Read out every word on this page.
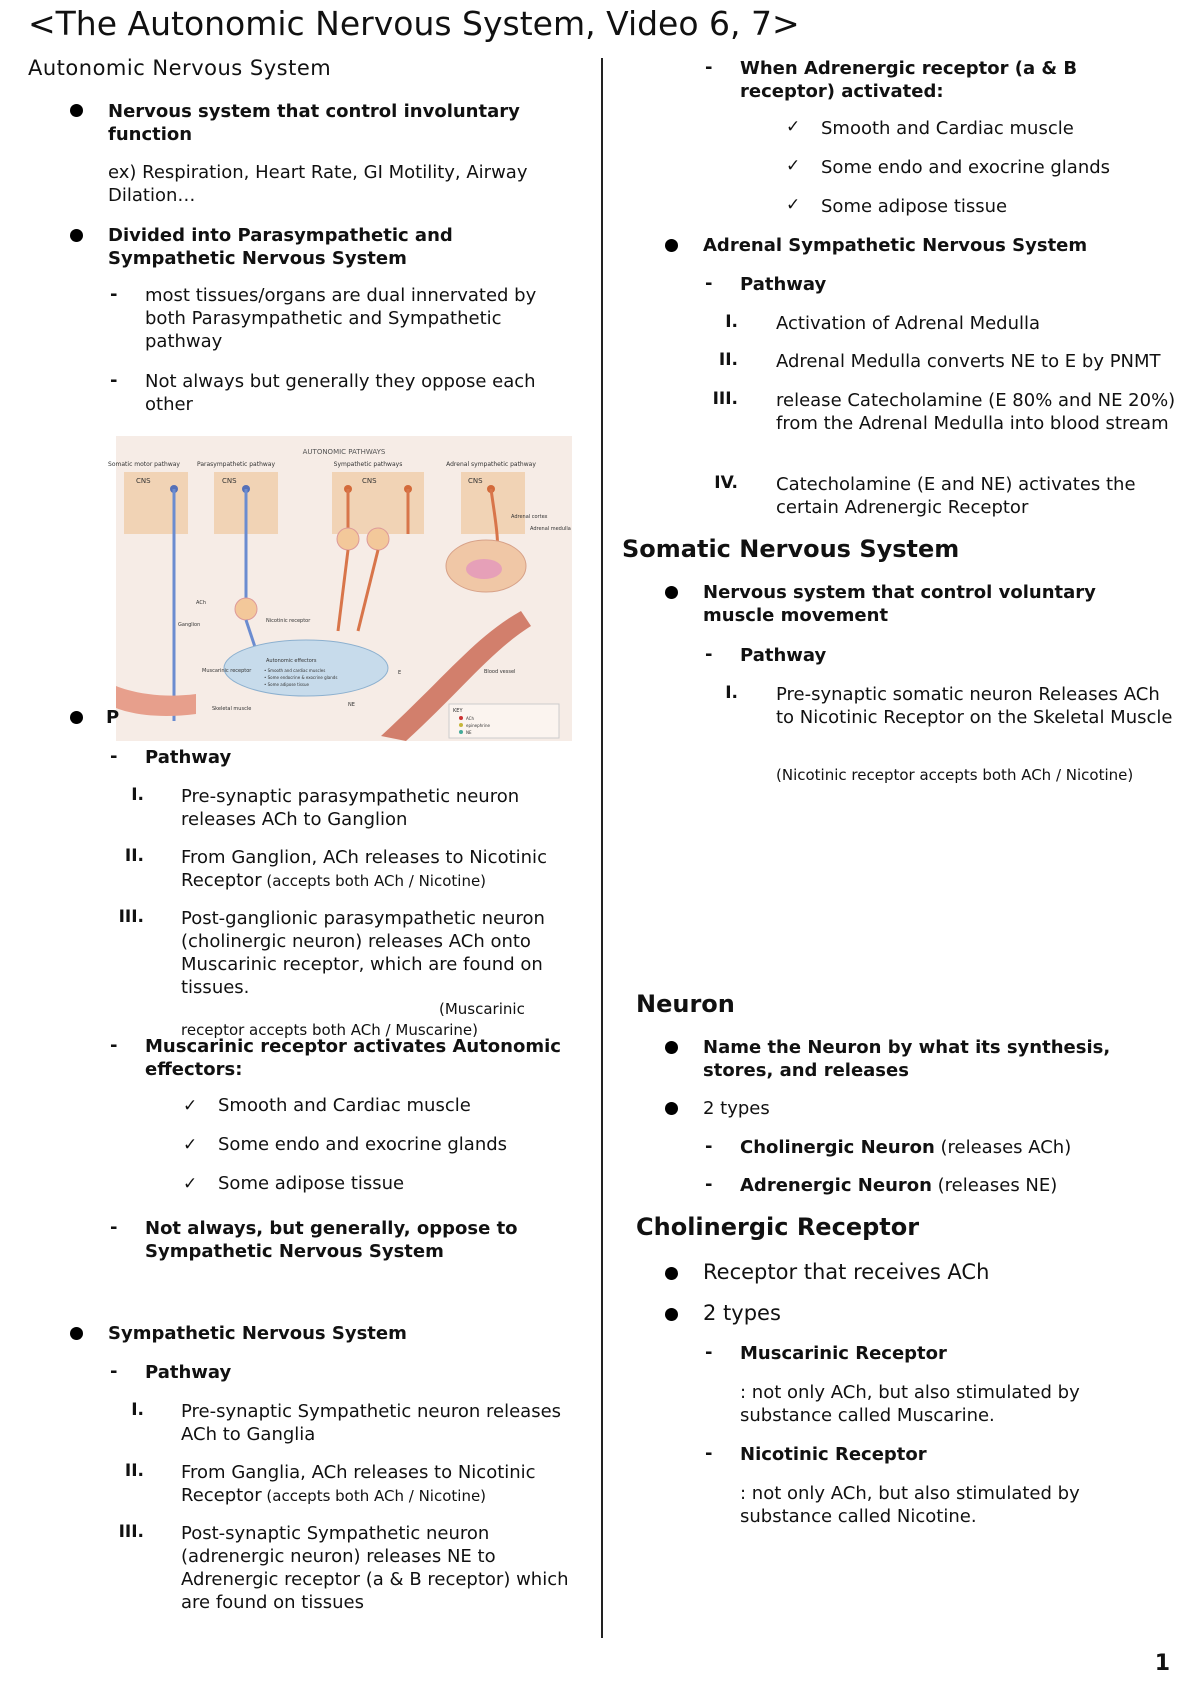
<The Autonomic Nervous System, Video 6, 7>
Autonomic Nervous System
Nervous system that control involuntary function
ex) Respiration, Heart Rate, GI Motility, Airway Dilation…
Divided into Parasympathetic and Sympathetic Nervous System
- most tissues/organs are dual innervated by both Parasympathetic and Sympathetic pathway
- Not always but generally they oppose each other
AUTONOMIC PATHWAYS
Somatic motor pathway	Parasympathetic pathway	Sympathetic pathways	Adrenal sympathetic pathway
CNS	CNS	CNS	CNS
Nicotinic receptor
ACh
Ganglion
Muscarinic receptor
Autonomic effectors
• Smooth and cardiac muscles
• Some endocrine & exocrine glands
• Some adipose tissue
Adrenal cortex
Adrenal medulla
Blood vessel
Skeletal muscle
NE
E
KEY
ACh
epinephrine
NE
P
- Pathway
I. Pre-synaptic parasympathetic neuron releases ACh to Ganglion
II. From Ganglion, ACh releases to Nicotinic Receptor (accepts both ACh / Nicotine)
III. Post-ganglionic parasympathetic neuron (cholinergic neuron) releases ACh onto Muscarinic receptor, which are found on tissues.
(Muscarinic receptor accepts both ACh / Muscarine)
- Muscarinic receptor activates Autonomic effectors:
✓ Smooth and Cardiac muscle
✓ Some endo and exocrine glands
✓ Some adipose tissue
- Not always, but generally, oppose to Sympathetic Nervous System
Sympathetic Nervous System
- Pathway
I. Pre-synaptic Sympathetic neuron releases ACh to Ganglia
II. From Ganglia, ACh releases to Nicotinic Receptor (accepts both ACh / Nicotine)
III. Post-synaptic Sympathetic neuron (adrenergic neuron) releases NE to Adrenergic receptor (a & B receptor) which are found on tissues
- When Adrenergic receptor (a & B receptor) activated:
✓ Smooth and Cardiac muscle
✓ Some endo and exocrine glands
✓ Some adipose tissue
Adrenal Sympathetic Nervous System
- Pathway
I. Activation of Adrenal Medulla
II. Adrenal Medulla converts NE to E by PNMT
III. release Catecholamine (E 80% and NE 20%) from the Adrenal Medulla into blood stream
IV. Catecholamine (E and NE) activates the certain Adrenergic Receptor
Somatic Nervous System
Nervous system that control voluntary muscle movement
- Pathway
I. Pre-synaptic somatic neuron Releases ACh to Nicotinic Receptor on the Skeletal Muscle
(Nicotinic receptor accepts both ACh / Nicotine)
Neuron
Name the Neuron by what its synthesis, stores, and releases
2 types
- Cholinergic Neuron (releases ACh)
- Adrenergic Neuron (releases NE)
Cholinergic Receptor
Receptor that receives ACh
2 types
- Muscarinic Receptor
: not only ACh, but also stimulated by substance called Muscarine.
- Nicotinic Receptor
: not only ACh, but also stimulated by substance called Nicotine.
1
